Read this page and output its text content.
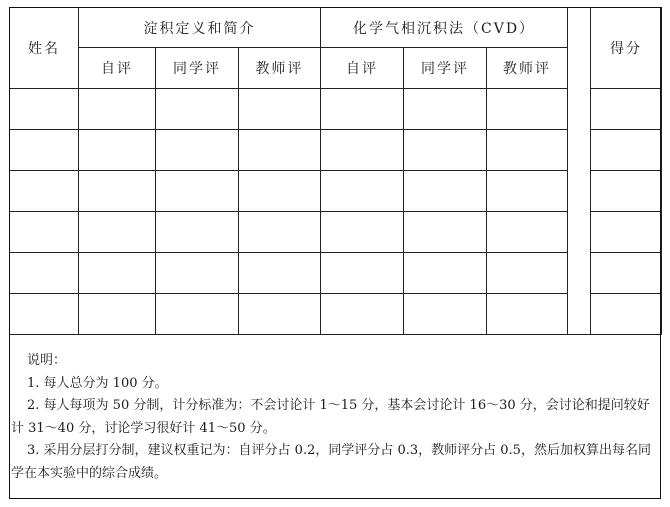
姓名	淀积定义和简介			化学气相沉积法（CVD）				得分
	自评	同学评	教师评	自评	同学评	教师评		

说明：

1. 每人总分为 100 分。

2. 每人每项为 50 分制，计分标准为：不会讨论计 1～15 分，基本会讨论计 16～30 分，会讨论和提问较好计 31～40 分，讨论学习很好计 41～50 分。

3. 采用分层打分制，建议权重记为：自评分占 0.2，同学评分占 0.3，教师评分占 0.5，然后加权算出每名同学在本实验中的综合成绩。
